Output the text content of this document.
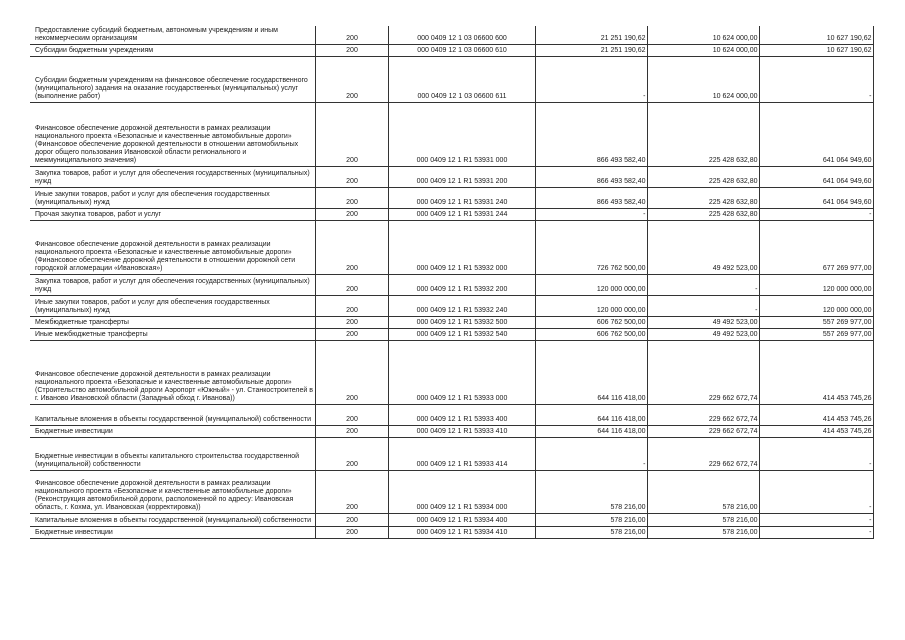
Предоставление субсидий бюджетным, автономным учреждениям и иным некоммерческим организациям	200	000 0409 12 1 03 06600 600	21 251 190,62	10 624 000,00	10 627 190,62
Субсидии бюджетным учреждениям	200	000 0409 12 1 03 06600 610	21 251 190,62	10 624 000,00	10 627 190,62
Субсидии бюджетным учреждениям на финансовое обеспечение государственного (муниципального) задания на оказание государственных (муниципальных) услуг (выполнение работ)	200	000 0409 12 1 03 06600 611	-	10 624 000,00	-
Финансовое обеспечение дорожной деятельности в рамках реализации национального проекта «Безопасные и качественные автомобильные дороги» (Финансовое обеспечение дорожной деятельности в отношении автомобильных дорог общего пользования Ивановской области регионального и межмуниципального значения)	200	000 0409 12 1 R1 53931 000	866 493 582,40	225 428 632,80	641 064 949,60
Закупка товаров, работ и услуг для обеспечения государственных (муниципальных) нужд	200	000 0409 12 1 R1 53931 200	866 493 582,40	225 428 632,80	641 064 949,60
Иные закупки товаров, работ и услуг для обеспечения государственных (муниципальных) нужд	200	000 0409 12 1 R1 53931 240	866 493 582,40	225 428 632,80	641 064 949,60
Прочая закупка товаров, работ и услуг	200	000 0409 12 1 R1 53931 244	-	225 428 632,80	-
Финансовое обеспечение дорожной деятельности в рамках реализации национального проекта «Безопасные и качественные автомобильные дороги» (Финансовое обеспечение дорожной деятельности в отношении дорожной сети городской агломерации «Ивановская»)	200	000 0409 12 1 R1 53932 000	726 762 500,00	49 492 523,00	677 269 977,00
Закупка товаров, работ и услуг для обеспечения государственных (муниципальных) нужд	200	000 0409 12 1 R1 53932 200	120 000 000,00	-	120 000 000,00
Иные закупки товаров, работ и услуг для обеспечения государственных (муниципальных) нужд	200	000 0409 12 1 R1 53932 240	120 000 000,00	-	120 000 000,00
Межбюджетные трансферты	200	000 0409 12 1 R1 53932 500	606 762 500,00	49 492 523,00	557 269 977,00
Иные межбюджетные трансферты	200	000 0409 12 1 R1 53932 540	606 762 500,00	49 492 523,00	557 269 977,00
Финансовое обеспечение дорожной деятельности в рамках реализации национального проекта «Безопасные и качественные автомобильные дороги» (Строительство автомобильной дороги Аэропорт «Южный» - ул. Станкостроителей в г. Иваново Ивановской области (Западный обход г. Иванова))	200	000 0409 12 1 R1 53933 000	644 116 418,00	229 662 672,74	414 453 745,26
Капитальные вложения в объекты государственной (муниципальной) собственности	200	000 0409 12 1 R1 53933 400	644 116 418,00	229 662 672,74	414 453 745,26
Бюджетные инвестиции	200	000 0409 12 1 R1 53933 410	644 116 418,00	229 662 672,74	414 453 745,26
Бюджетные инвестиции в объекты капитального строительства государственной (муниципальной) собственности	200	000 0409 12 1 R1 53933 414	-	229 662 672,74	-
Финансовое обеспечение дорожной деятельности в рамках реализации национального проекта «Безопасные и качественные автомобильные дороги» (Реконструкция автомобильной дороги, расположенной по адресу: Ивановская область, г. Кохма, ул. Ивановская (корректировка))	200	000 0409 12 1 R1 53934 000	578 216,00	578 216,00	-
Капитальные вложения в объекты государственной (муниципальной) собственности	200	000 0409 12 1 R1 53934 400	578 216,00	578 216,00	-
Бюджетные инвестиции	200	000 0409 12 1 R1 53934 410	578 216,00	578 216,00	-
